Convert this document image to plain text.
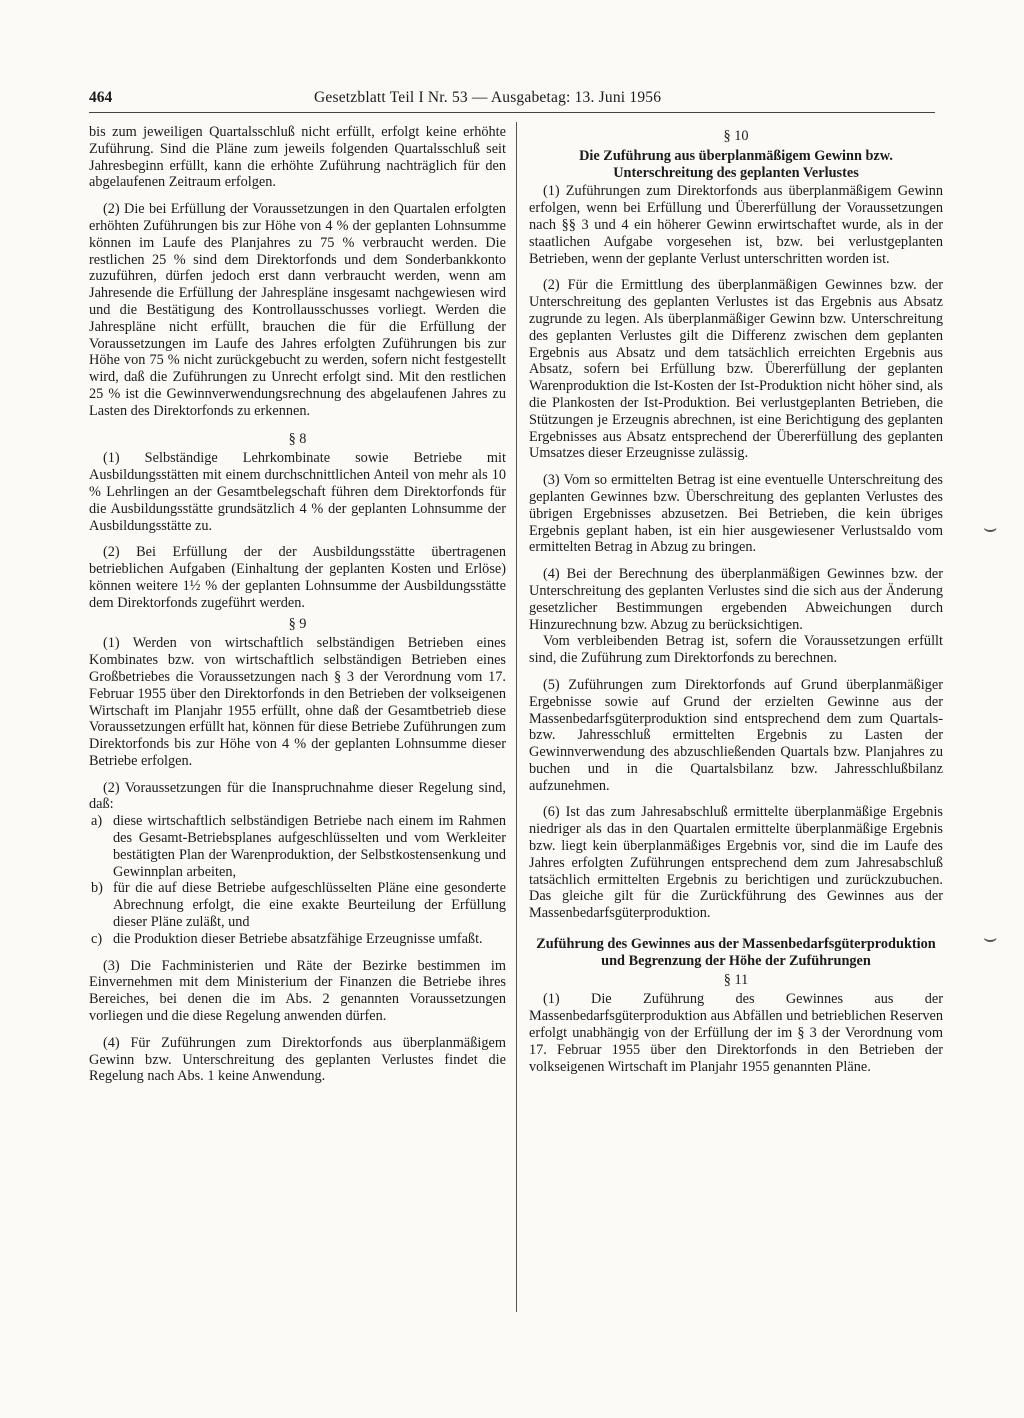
464	Gesetzblatt Teil I Nr. 53 — Ausgabetag: 13. Juni 1956

bis zum jeweiligen Quartalsschluß nicht erfüllt, erfolgt keine erhöhte Zuführung. Sind die Pläne zum jeweils folgenden Quartalsschluß seit Jahresbeginn erfüllt, kann die erhöhte Zuführung nachträglich für den abgelaufenen Zeitraum erfolgen.

(2) Die bei Erfüllung der Voraussetzungen in den Quartalen erfolgten erhöhten Zuführungen bis zur Höhe von 4 % der geplanten Lohnsumme können im Laufe des Planjahres zu 75 % verbraucht werden. Die restlichen 25 % sind dem Direktorfonds und dem Sonderbankkonto zuzuführen, dürfen jedoch erst dann verbraucht werden, wenn am Jahresende die Erfüllung der Jahrespläne insgesamt nachgewiesen wird und die Bestätigung des Kontrollausschusses vorliegt. Werden die Jahrespläne nicht erfüllt, brauchen die für die Erfüllung der Voraussetzungen im Laufe des Jahres erfolgten Zuführungen bis zur Höhe von 75 % nicht zurückgebucht zu werden, sofern nicht festgestellt wird, daß die Zuführungen zu Unrecht erfolgt sind. Mit den restlichen 25 % ist die Gewinnverwendungsrechnung des abgelaufenen Jahres zu Lasten des Direktorfonds zu erkennen.

§ 8

(1) Selbständige Lehrkombinate sowie Betriebe mit Ausbildungsstätten mit einem durchschnittlichen Anteil von mehr als 10 % Lehrlingen an der Gesamtbelegschaft führen dem Direktorfonds für die Ausbildungsstätte grundsätzlich 4 % der geplanten Lohnsumme der Ausbildungsstätte zu.

(2) Bei Erfüllung der der Ausbildungsstätte übertragenen betrieblichen Aufgaben (Einhaltung der geplanten Kosten und Erlöse) können weitere 1½ % der geplanten Lohnsumme der Ausbildungsstätte dem Direktorfonds zugeführt werden.

§ 9

(1) Werden von wirtschaftlich selbständigen Betrieben eines Kombinates bzw. von wirtschaftlich selbständigen Betrieben eines Großbetriebes die Voraussetzungen nach § 3 der Verordnung vom 17. Februar 1955 über den Direktorfonds in den Betrieben der volkseigenen Wirtschaft im Planjahr 1955 erfüllt, ohne daß der Gesamtbetrieb diese Voraussetzungen erfüllt hat, können für diese Betriebe Zuführungen zum Direktorfonds bis zur Höhe von 4 % der geplanten Lohnsumme dieser Betriebe erfolgen.

(2) Voraussetzungen für die Inanspruchnahme dieser Regelung sind, daß:

a) diese wirtschaftlich selbständigen Betriebe nach einem im Rahmen des Gesamt-Betriebsplanes aufgeschlüsselten und vom Werkleiter bestätigten Plan der Warenproduktion, der Selbstkostensenkung und Gewinnplan arbeiten,
b) für die auf diese Betriebe aufgeschlüsselten Pläne eine gesonderte Abrechnung erfolgt, die eine exakte Beurteilung der Erfüllung dieser Pläne zuläßt, und
c) die Produktion dieser Betriebe absatzfähige Erzeugnisse umfaßt.

(3) Die Fachministerien und Räte der Bezirke bestimmen im Einvernehmen mit dem Ministerium der Finanzen die Betriebe ihres Bereiches, bei denen die im Abs. 2 genannten Voraussetzungen vorliegen und die diese Regelung anwenden dürfen.

(4) Für Zuführungen zum Direktorfonds aus überplanmäßigem Gewinn bzw. Unterschreitung des geplanten Verlustes findet die Regelung nach Abs. 1 keine Anwendung.

§ 10
Die Zuführung aus überplanmäßigem Gewinn bzw. Unterschreitung des geplanten Verlustes

(1) Zuführungen zum Direktorfonds aus überplanmäßigem Gewinn erfolgen, wenn bei Erfüllung und Übererfüllung der Voraussetzungen nach §§ 3 und 4 ein höherer Gewinn erwirtschaftet wurde, als in der staatlichen Aufgabe vorgesehen ist, bzw. bei verlustgeplanten Betrieben, wenn der geplante Verlust unterschritten worden ist.

(2) Für die Ermittlung des überplanmäßigen Gewinnes bzw. der Unterschreitung des geplanten Verlustes ist das Ergebnis aus Absatz zugrunde zu legen. Als überplanmäßiger Gewinn bzw. Unterschreitung des geplanten Verlustes gilt die Differenz zwischen dem geplanten Ergebnis aus Absatz und dem tatsächlich erreichten Ergebnis aus Absatz, sofern bei Erfüllung bzw. Übererfüllung der geplanten Warenproduktion die Ist-Kosten der Ist-Produktion nicht höher sind, als die Plankosten der Ist-Produktion. Bei verlustgeplanten Betrieben, die Stützungen je Erzeugnis abrechnen, ist eine Berichtigung des geplanten Ergebnisses aus Absatz entsprechend der Übererfüllung des geplanten Umsatzes dieser Erzeugnisse zulässig.

(3) Vom so ermittelten Betrag ist eine eventuelle Unterschreitung des geplanten Gewinnes bzw. Überschreitung des geplanten Verlustes des übrigen Ergebnisses abzusetzen. Bei Betrieben, die kein übriges Ergebnis geplant haben, ist ein hier ausgewiesener Verlustsaldo vom ermittelten Betrag in Abzug zu bringen.

(4) Bei der Berechnung des überplanmäßigen Gewinnes bzw. der Unterschreitung des geplanten Verlustes sind die sich aus der Änderung gesetzlicher Bestimmungen ergebenden Abweichungen durch Hinzurechnung bzw. Abzug zu berücksichtigen.

Vom verbleibenden Betrag ist, sofern die Voraussetzungen erfüllt sind, die Zuführung zum Direktorfonds zu berechnen.

(5) Zuführungen zum Direktorfonds auf Grund überplanmäßiger Ergebnisse sowie auf Grund der erzielten Gewinne aus der Massenbedarfsgüterproduktion sind entsprechend dem zum Quartals- bzw. Jahresschluß ermittelten Ergebnis zu Lasten der Gewinnverwendung des abzuschließenden Quartals bzw. Planjahres zu buchen und in die Quartalsbilanz bzw. Jahresschlußbilanz aufzunehmen.

(6) Ist das zum Jahresabschluß ermittelte überplanmäßige Ergebnis niedriger als das in den Quartalen ermittelte überplanmäßige Ergebnis bzw. liegt kein überplanmäßiges Ergebnis vor, sind die im Laufe des Jahres erfolgten Zuführungen entsprechend dem zum Jahresabschluß tatsächlich ermittelten Ergebnis zu berichtigen und zurückzubuchen. Das gleiche gilt für die Zurückführung des Gewinnes aus der Massenbedarfsgüterproduktion.

Zuführung des Gewinnes aus der Massenbedarfsgüterproduktion und Begrenzung der Höhe der Zuführungen
§ 11

(1) Die Zuführung des Gewinnes aus der Massenbedarfsgüterproduktion aus Abfällen und betrieblichen Reserven erfolgt unabhängig von der Erfüllung der im § 3 der Verordnung vom 17. Februar 1955 über den Direktorfonds in den Betrieben der volkseigenen Wirtschaft im Planjahr 1955 genannten Pläne.

⌣
⌣
